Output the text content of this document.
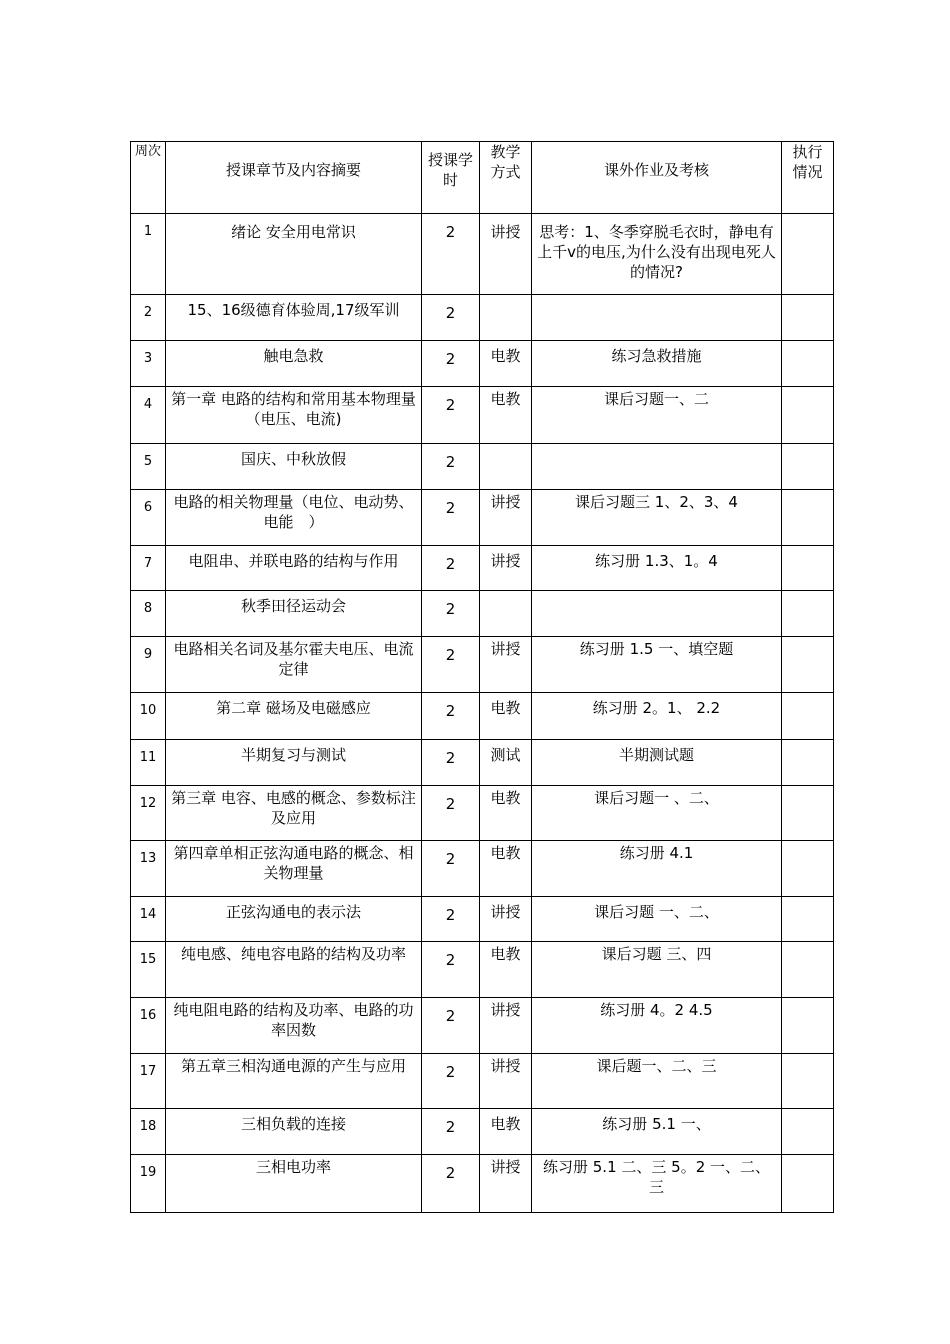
周次	授课章节及内容摘要	授课学时	教学方式	课外作业及考核	执行情况
1	绪论 安全用电常识	2	讲授	思考：1、冬季穿脱毛衣时，静电有上千v的电压,为什么没有出现电死人的情况?	
2	15、16级德育体验周,17级军训	2			
3	触电急救	2	电教	练习急救措施	
4	第一章 电路的结构和常用基本物理量（电压、电流)	2	电教	课后习题一、二	
5	国庆、中秋放假	2			
6	电路的相关物理量（电位、电动势、电能　）	2	讲授	课后习题三 1、2、3、4	
7	电阻串、并联电路的结构与作用	2	讲授	练习册 1.3、1。4	
8	秋季田径运动会	2			
9	电路相关名词及基尔霍夫电压、电流定律	2	讲授	练习册 1.5 一、填空题	
10	第二章 磁场及电磁感应	2	电教	练习册 2。1、 2.2	
11	半期复习与测试	2	测试	半期测试题	
12	第三章 电容、电感的概念、参数标注及应用	2	电教	课后习题一 、二、	
13	第四章单相正弦沟通电路的概念、相关物理量	2	电教	练习册 4.1	
14	正弦沟通电的表示法	2	讲授	课后习题 一、二、	
15	纯电感、纯电容电路的结构及功率	2	电教	课后习题 三、四	
16	纯电阻电路的结构及功率、电路的功率因数	2	讲授	练习册 4。2 4.5	
17	第五章三相沟通电源的产生与应用	2	讲授	课后题一、二、三	
18	三相负载的连接	2	电教	练习册 5.1 一、	
19	三相电功率	2	讲授	练习册 5.1 二、三 5。2 一、二、三	
